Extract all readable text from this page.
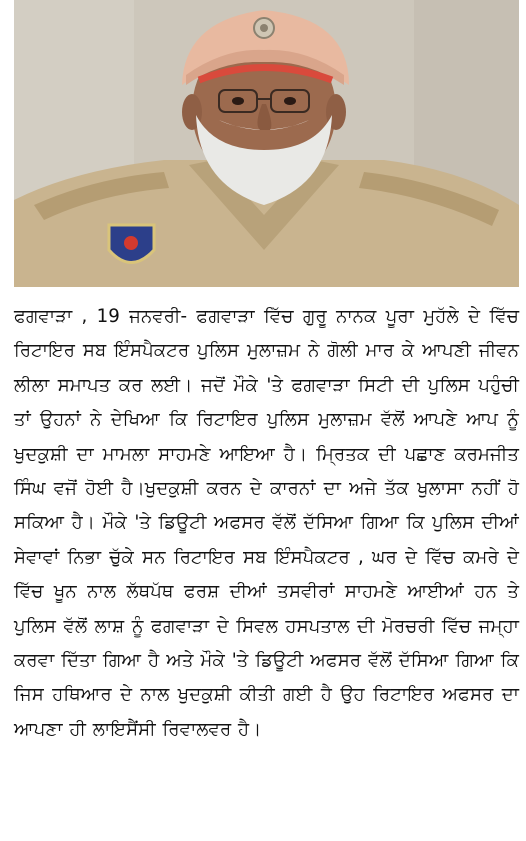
ਫਗਵਾੜਾ , 19 ਜਨਵਰੀ- ਫਗਵਾੜਾ ਵਿੱਚ ਗੁਰੂ ਨਾਨਕ ਪੂਰਾ ਮੁਹੱਲੇ ਦੇ ਵਿੱਚ ਰਿਟਾਇਰ ਸਬ ਇੰਸਪੈਕਟਰ ਪੁਲਿਸ ਮੁਲਾਜ਼ਮ ਨੇ ਗੋਲੀ ਮਾਰ ਕੇ ਆਪਣੀ ਜੀਵਨ ਲੀਲਾ ਸਮਾਪਤ ਕਰ ਲਈ। ਜਦੋਂ ਮੌਕੇ 'ਤੇ ਫਗਵਾੜਾ ਸਿਟੀ ਦੀ ਪੁਲਿਸ ਪਹੁੰਚੀ ਤਾਂ ਉਹਨਾਂ ਨੇ ਦੇਖਿਆ ਕਿ ਰਿਟਾਇਰ ਪੁਲਿਸ ਮੁਲਾਜ਼ਮ ਵੱਲੋਂ ਆਪਣੇ ਆਪ ਨੂੰ ਖੁਦਕੁਸ਼ੀ ਦਾ ਮਾਮਲਾ ਸਾਹਮਣੇ ਆਇਆ ਹੈ। ਮ੍ਰਿਤਕ ਦੀ ਪਛਾਣ ਕਰਮਜੀਤ ਸਿੰਘ ਵਜੋਂ ਹੋਈ ਹੈ।ਖੁਦਕੁਸ਼ੀ ਕਰਨ ਦੇ ਕਾਰਨਾਂ ਦਾ ਅਜੇ ਤੱਕ ਖੁਲਾਸਾ ਨਹੀਂ ਹੋ ਸਕਿਆ ਹੈ। ਮੌਕੇ 'ਤੇ ਡਿਊਟੀ ਅਫਸਰ ਵੱਲੋਂ ਦੱਸਿਆ ਗਿਆ ਕਿ ਪੁਲਿਸ ਦੀਆਂ ਸੇਵਾਵਾਂ ਨਿਭਾ ਚੁੱਕੇ ਸਨ ਰਿਟਾਇਰ ਸਬ ਇੰਸਪੈਕਟਰ , ਘਰ ਦੇ ਵਿੱਚ ਕਮਰੇ ਦੇ ਵਿੱਚ ਖੂਨ ਨਾਲ ਲੱਥਪੱਥ ਫਰਸ਼ ਦੀਆਂ ਤਸਵੀਰਾਂ ਸਾਹਮਣੇ ਆਈਆਂ ਹਨ ਤੇ ਪੁਲਿਸ ਵੱਲੋਂ ਲਾਸ਼ ਨੂੰ ਫਗਵਾੜਾ ਦੇ ਸਿਵਲ ਹਸਪਤਾਲ ਦੀ ਮੋਰਚਰੀ ਵਿੱਚ ਜਮ੍ਹਾ ਕਰਵਾ ਦਿੱਤਾ ਗਿਆ ਹੈ ਅਤੇ ਮੌਕੇ 'ਤੇ ਡਿਊਟੀ ਅਫਸਰ ਵੱਲੋਂ ਦੱਸਿਆ ਗਿਆ ਕਿ ਜਿਸ ਹਥਿਆਰ ਦੇ ਨਾਲ ਖੁਦਕੁਸ਼ੀ ਕੀਤੀ ਗਈ ਹੈ ਉਹ ਰਿਟਾਇਰ ਅਫਸਰ ਦਾ ਆਪਣਾ ਹੀ ਲਾਇਸੈਂਸੀ ਰਿਵਾਲਵਰ ਹੈ।
